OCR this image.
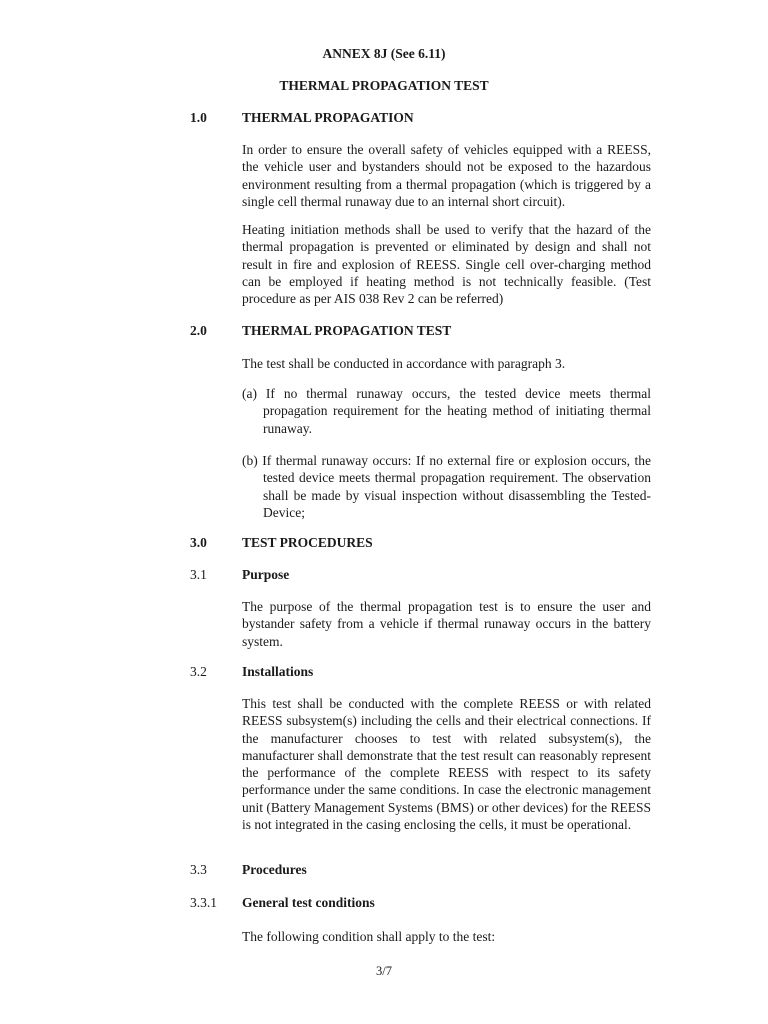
ANNEX 8J (See 6.11)
THERMAL PROPAGATION TEST
1.0	THERMAL PROPAGATION
In order to ensure the overall safety of vehicles equipped with a REESS, the vehicle user and bystanders should not be exposed to the hazardous environment resulting from a thermal propagation (which is triggered by a single cell thermal runaway due to an internal short circuit).
Heating initiation methods shall be used to verify that the hazard of the thermal propagation is prevented or eliminated by design and shall not result in fire and explosion of REESS. Single cell over-charging method can be employed if heating method is not technically feasible. (Test procedure as per AIS 038 Rev 2 can be referred)
2.0	THERMAL PROPAGATION TEST
The test shall be conducted in accordance with paragraph 3.
(a) If no thermal runaway occurs, the tested device meets thermal propagation requirement for the heating method of initiating thermal runaway.
(b) If thermal runaway occurs: If no external fire or explosion occurs, the tested device meets thermal propagation requirement. The observation shall be made by visual inspection without disassembling the Tested-Device;
3.0	TEST PROCEDURES
3.1	Purpose
The purpose of the thermal propagation test is to ensure the user and bystander safety from a vehicle if thermal runaway occurs in the battery system.
3.2	Installations
This test shall be conducted with the complete REESS or with related REESS subsystem(s) including the cells and their electrical connections. If the manufacturer chooses to test with related subsystem(s), the manufacturer shall demonstrate that the test result can reasonably represent the performance of the complete REESS with respect to its safety performance under the same conditions. In case the electronic management unit (Battery Management Systems (BMS) or other devices) for the REESS is not integrated in the casing enclosing the cells, it must be operational.
3.3	Procedures
3.3.1 General test conditions
The following condition shall apply to the test:
3/7
